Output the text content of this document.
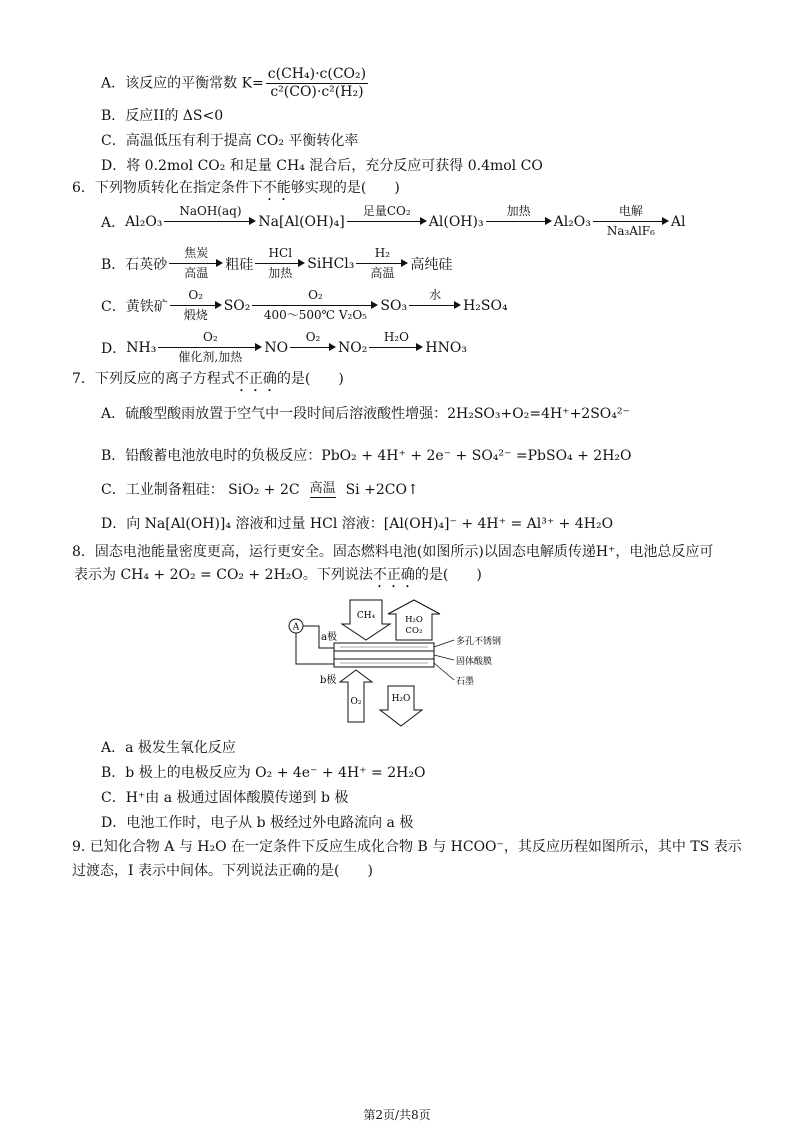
A．该反应的平衡常数 $K= \frac{\text{c(CH₄)·c(CO₂)}}{\text{c²(CO)·c²(H₂)}}$
B．反应II的 ΔS<0
C．高温低压有利于提高 CO₂ 平衡转化率
D．将 0.2mol CO₂ 和足量 CH₄ 混合后，充分反应可获得 0.4mol CO
6．下列物质转化在指定条件下不能够实现的是(　　)
A． Al₂O₃
NaOH(aq)
Na[Al(OH)₄]
足量CO₂
Al(OH)₃
加热
Al₂O₃
电解
Na₃AlF₆
Al
B． 石英砂
焦炭
高温	粗硅
HCl
加热
SiHCl₃
H₂
高温	高纯硅
C． 黄铁矿
O₂
煅烧
SO₂
O₂
400～500℃ V₂O₅
SO₃
水
H₂SO₄
D． NH₃
O₂
催化剂,加热
NO
O₂
NO₂
H₂O
HNO₃
7．下列反应的离子方程式不正确的是(　　)
A．硫酸型酸雨放置于空气中一段时间后溶液酸性增强：2H₂SO₃+O₂=4H⁺+2SO₄²⁻
B．铅酸蓄电池放电时的负极反应：PbO₂ + 4H⁺ + 2e⁻ + SO₄²⁻ =PbSO₄ + 2H₂O
C．工业制备粗硅： SiO₂ + 2C 高温 Si +2CO↑
D．向 Na[Al(OH)]₄ 溶液和过量 HCl 溶液：[Al(OH)₄]⁻ + 4H⁺ = Al³⁺ + 4H₂O
8．固态电池能量密度更高，运行更安全。固态燃料电池(如图所示)以固态电解质传递H⁺，电池总反应可
表示为 CH₄ + 2O₂ = CO₂ + 2H₂O。下列说法不正确的是(　　)
A
a极
b极
CH₄	H₂O
CO₂
O₂	H₂O
多孔不锈钢
固体酸膜
石墨
A．a 极发生氧化反应
B．b 极上的电极反应为 O₂ + 4e⁻ + 4H⁺ = 2H₂O
C．H⁺由 a 极通过固体酸膜传递到 b 极
D．电池工作时，电子从 b 极经过外电路流向 a 极
9. 已知化合物 A 与 H₂O 在一定条件下反应生成化合物 B 与 HCOO⁻，其反应历程如图所示，其中 TS 表示
过渡态，I 表示中间体。下列说法正确的是(　　)
第2页/共8页
